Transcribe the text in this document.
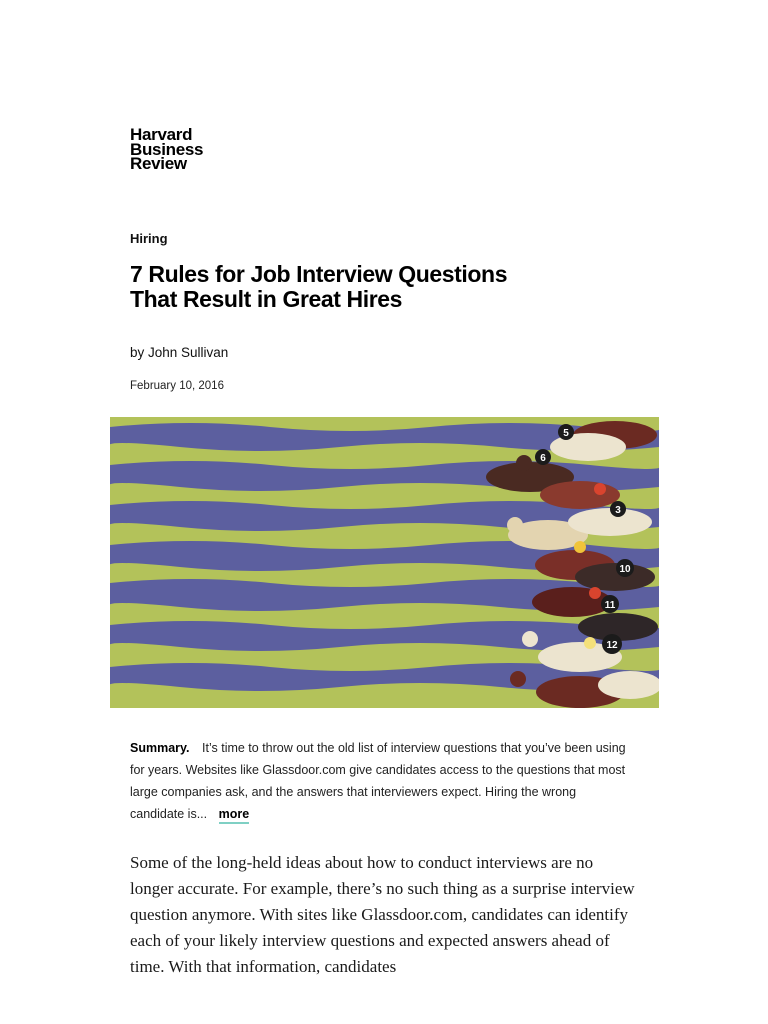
Harvard
Business
Review
Hiring
7 Rules for Job Interview Questions That Result in Great Hires
by John Sullivan
February 10, 2016
5
6
3
10
11
12
Summary. It’s time to throw out the old list of interview questions that you’ve been using for years. Websites like Glassdoor.com give candidates access to the questions that most large companies ask, and the answers that interviewers expect. Hiring the wrong candidate is... more

Some of the long-held ideas about how to conduct interviews are no longer accurate. For example, there’s no such thing as a surprise interview question anymore. With sites like Glassdoor.com, candidates can identify each of your likely interview questions and expected answers ahead of time. With that information, candidates
